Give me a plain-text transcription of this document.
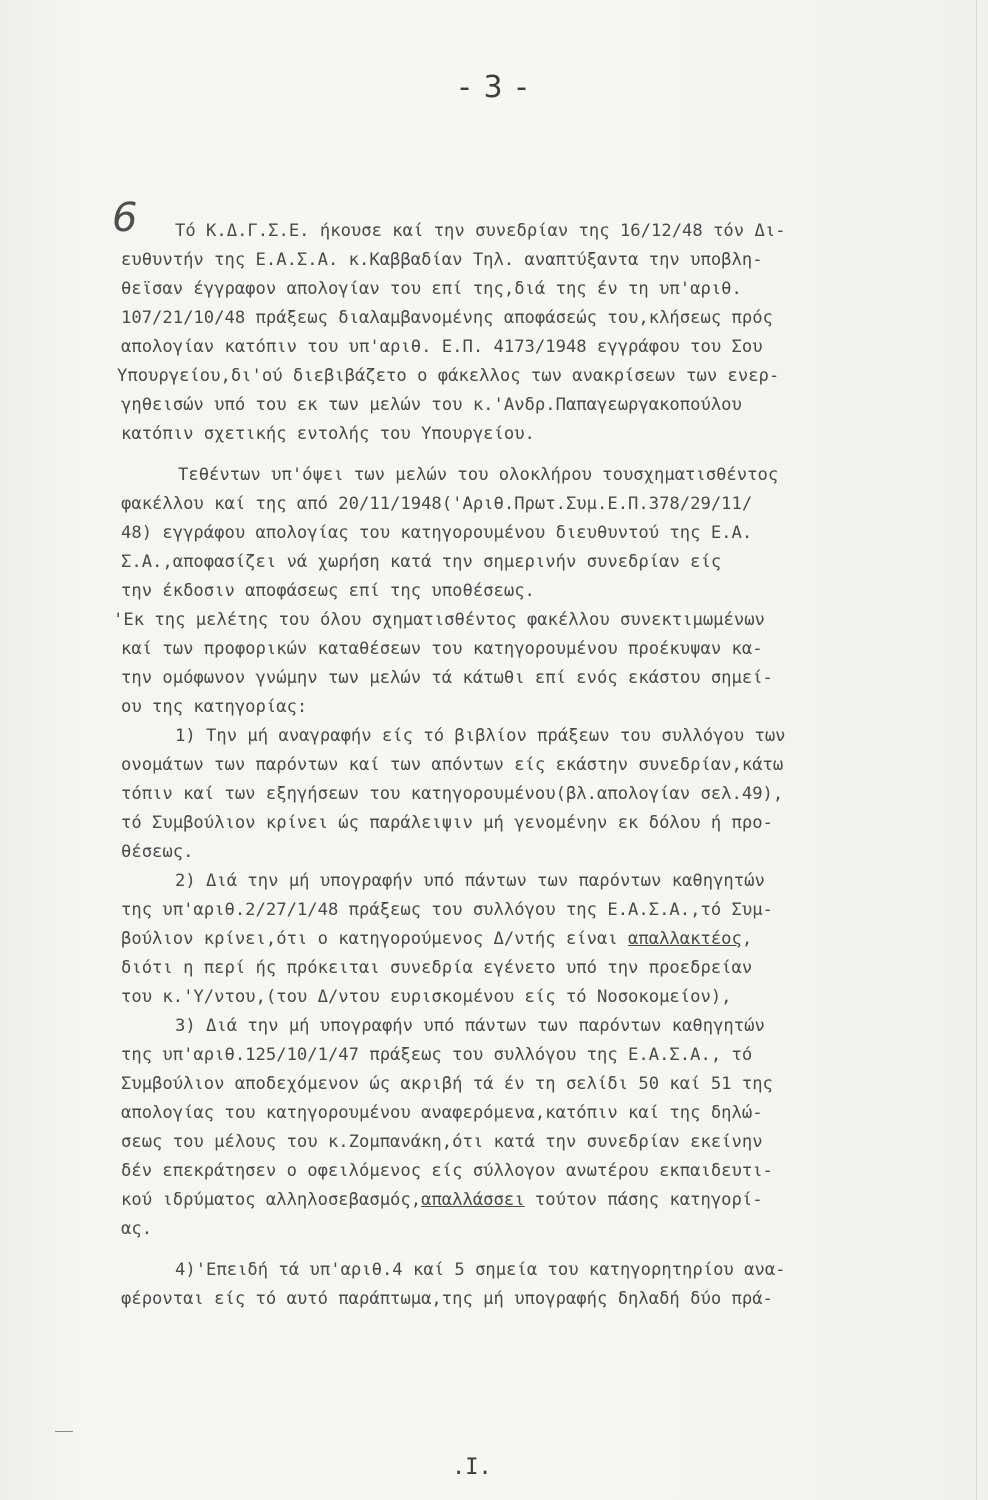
- 3 -
6 Τό Κ.Δ.Γ.Σ.Ε. ήκουσε καί την συνεδρίαν της 16/12/48 τόν Δι-
ευθυντήν της Ε.Α.Σ.Α. κ.Καββαδίαν Τηλ. αναπτύξαντα την υποβλη-
θεϊσαν έγγραφον απολογίαν του επί της,διά της έν τη υπ'αριθ.
107/21/10/48 πράξεως διαλαμβανομένης αποφάσεώς του,κλήσεως πρός
απολογίαν κατόπιν του υπ'αριθ. Ε.Π. 4173/1948 εγγράφου του Σου
Υπουργείου,δι'ού διεβιβάζετο ο φάκελλος των ανακρίσεων των ενερ-
γηθεισών υπό του εκ των μελών του κ.'Ανδρ.Παπαγεωργακοπούλου
κατόπιν σχετικής εντολής του Υπουργείου.
Τεθέντων υπ'όψει των μελών του ολοκλήρου τουσχηματισθέντος
φακέλλου καί της από 20/11/1948('Αριθ.Πρωτ.Συμ.Ε.Π.378/29/11/
48) εγγράφου απολογίας του κατηγορουμένου διευθυντού της Ε.Α.
Σ.Α.,αποφασίζει νά χωρήση κατά την σημερινήν συνεδρίαν είς
την έκδοσιν αποφάσεως επί της υποθέσεως.
'Εκ της μελέτης του όλου σχηματισθέντος φακέλλου συνεκτιμωμένων
καί των προφορικών καταθέσεων του κατηγορουμένου προέκυψαν κα-
την ομόφωνον γνώμην των μελών τά κάτωθι επί ενός εκάστου σημεί-
ου της κατηγορίας:
1) Την μή αναγραφήν είς τό βιβλίον πράξεων του συλλόγου των
ονομάτων των παρόντων καί των απόντων είς εκάστην συνεδρίαν,κάτω
τόπιν καί των εξηγήσεων του κατηγορουμένου(βλ.απολογίαν σελ.49),
τό Συμβούλιον κρίνει ώς παράλειψιν μή γενομένην εκ δόλου ή προ-
θέσεως.
2) Διά την μή υπογραφήν υπό πάντων των παρόντων καθηγητών
της υπ'αριθ.2/27/1/48 πράξεως του συλλόγου της Ε.Α.Σ.Α.,τό Συμ-
βούλιον κρίνει,ότι ο κατηγορούμενος Δ/ντής είναι απαλλακτέος,
διότι η περί ής πρόκειται συνεδρία εγένετο υπό την προεδρείαν
του κ.'Υ/ντου,(του Δ/ντου ευρισκομένου είς τό Νοσοκομείον),
3) Διά την μή υπογραφήν υπό πάντων των παρόντων καθηγητών
της υπ'αριθ.125/10/1/47 πράξεως του συλλόγου της Ε.Α.Σ.Α., τό
Συμβούλιον αποδεχόμενον ώς ακριβή τά έν τη σελίδι 50 καί 51 της
απολογίας του κατηγορουμένου αναφερόμενα,κατόπιν καί της δηλώ-
σεως του μέλους του κ.Ζομπανάκη,ότι κατά την συνεδρίαν εκείνην
δέν επεκράτησεν ο οφειλόμενος είς σύλλογον ανωτέρου εκπαιδευτι-
κού ιδρύματος αλληλοσεβασμός,απαλλάσσει τούτον πάσης κατηγορί-
ας.
4)'Επειδή τά υπ'αριθ.4 καί 5 σημεία του κατηγορητηρίου ανα-
φέρονται είς τό αυτό παράπτωμα,της μή υπογραφής δηλαδή δύο πρά-
.I.
